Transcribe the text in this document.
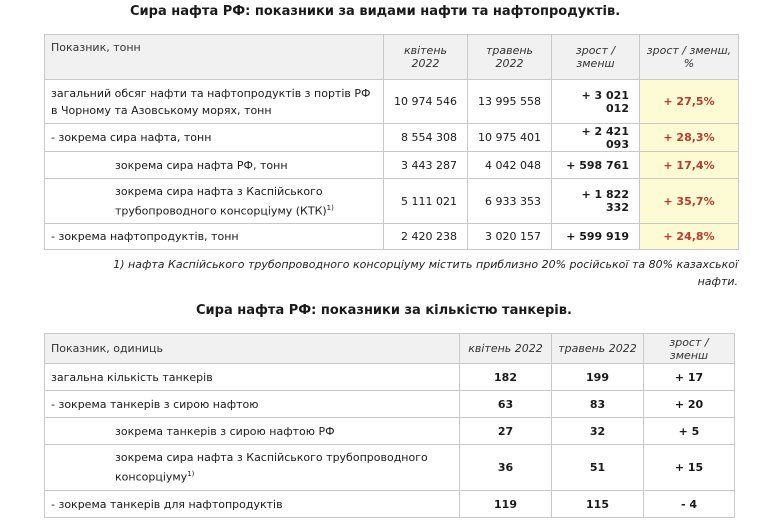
Сира нафта РФ: показники за видами нафти та нафтопродуктів.
Показник, тонн	квітень 2022	травень 2022	зрост / зменш	зрост / зменш, %
загальний обсяг нафти та нафтопродуктів з портів РФ в Чорному та Азовському морях, тонн	10 974 546	13 995 558	+ 3 021 012	+ 27,5%
- зокрема сира нафта, тонн	8 554 308	10 975 401	+ 2 421 093	+ 28,3%
зокрема сира нафта РФ, тонн	3 443 287	4 042 048	+ 598 761	+ 17,4%
зокрема сира нафта з Каспійського трубопроводного консорціуму (КТК)$^{1)}$	5 111 021	6 933 353	+ 1 822 332	+ 35,7%
- зокрема нафтопродуктів, тонн	2 420 238	3 020 157	+ 599 919	+ 24,8%
1) нафта Каспійського трубопроводного консорціуму містить приблизно 20% російської та 80% казахської нафти.
Сира нафта РФ: показники за кількістю танкерів.
Показник, одиниць	квітень 2022	травень 2022	зрост / зменш
загальна кількість танкерів	182	199	+ 17
- зокрема танкерів з сирою нафтою	63	83	+ 20
зокрема танкерів з сирою нафтою РФ	27	32	+ 5
зокрема сира нафта з Каспійського трубопроводного консорціуму$^{1)}$	36	51	+ 15
- зокрема танкерів для нафтопродуктів	119	115	- 4
